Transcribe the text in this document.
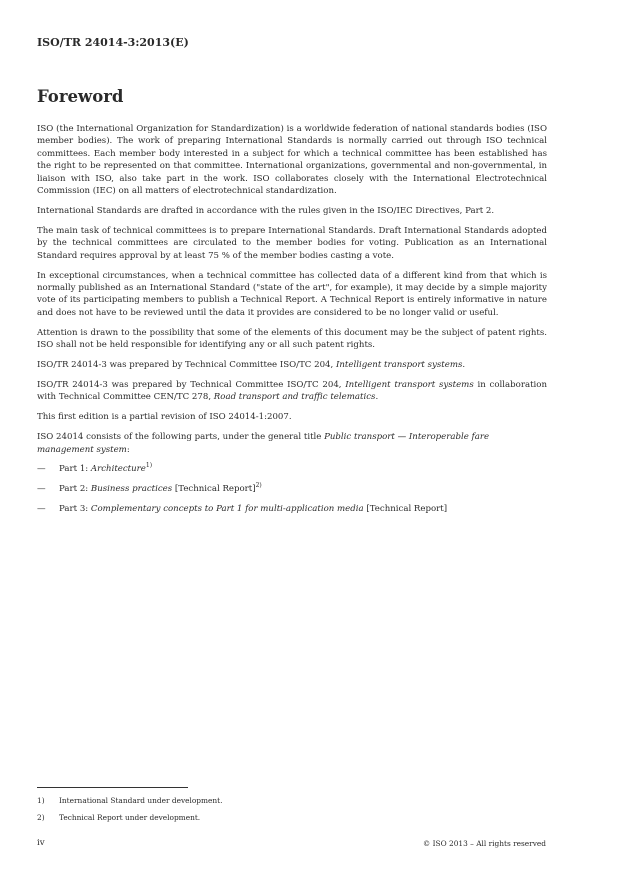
ISO/TR 24014-3:2013(E)
Foreword

ISO (the International Organization for Standardization) is a worldwide federation of national standards bodies (ISO member bodies). The work of preparing International Standards is normally carried out through ISO technical committees. Each member body interested in a subject for which a technical committee has been established has the right to be represented on that committee. International organizations, governmental and non-governmental, in liaison with ISO, also take part in the work. ISO collaborates closely with the International Electrotechnical Commission (IEC) on all matters of electrotechnical standardization.

International Standards are drafted in accordance with the rules given in the ISO/IEC Directives, Part 2.

The main task of technical committees is to prepare International Standards. Draft International Standards adopted by the technical committees are circulated to the member bodies for voting. Publication as an International Standard requires approval by at least 75 % of the member bodies casting a vote.

In exceptional circumstances, when a technical committee has collected data of a different kind from that which is normally published as an International Standard ("state of the art", for example), it may decide by a simple majority vote of its participating members to publish a Technical Report. A Technical Report is entirely informative in nature and does not have to be reviewed until the data it provides are considered to be no longer valid or useful.

Attention is drawn to the possibility that some of the elements of this document may be the subject of patent rights. ISO shall not be held responsible for identifying any or all such patent rights.

ISO/TR 24014-3 was prepared by Technical Committee ISO/TC 204, Intelligent transport systems.

ISO/TR 24014-3 was prepared by Technical Committee ISO/TC 204, Intelligent transport systems in collaboration with Technical Committee CEN/TC 278, Road transport and traffic telematics.

This first edition is a partial revision of ISO 24014-1:2007.

ISO 24014 consists of the following parts, under the general title Public transport — Interoperable fare management system:

—	Part 1: Architecture$^{1)}$
—	Part 2: Business practices [Technical Report]$^{2)}$
—	Part 3: Complementary concepts to Part 1 for multi-application media [Technical Report]
1)	International Standard under development.
2)	Technical Report under development.
iv	© ISO 2013 – All rights reserved
